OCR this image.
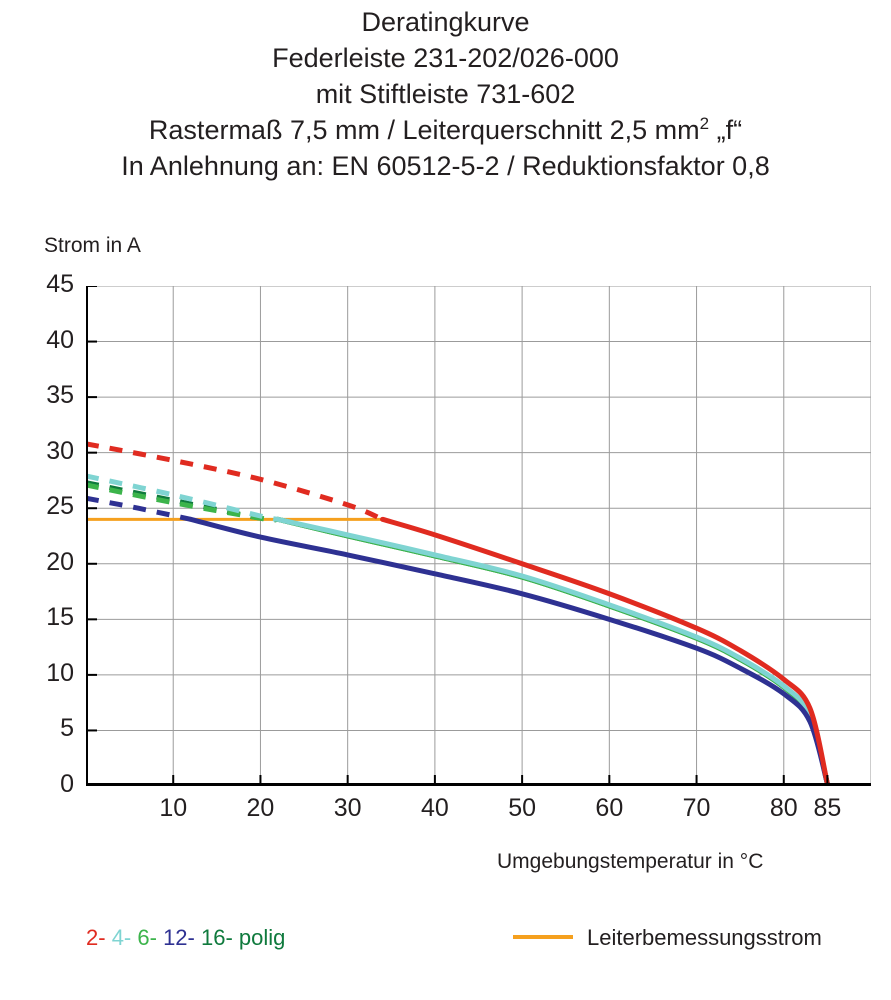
Deratingkurve
Federleiste 231-202/026-000
mit Stiftleiste 731-602
Rastermaß 7,5 mm / Leiterquerschnitt 2,5 $mm^2$ „f“
In Anlehnung an: EN 60512-5-2 / Reduktionsfaktor 0,8
Strom in A
Umgebungstemperatur in °C
0
5
10
15
20
25
30
35
40
45
10	20	30	40	50	60	70	80 85
2- 4- 6- 12- 16- polig	Leiterbemessungsstrom
